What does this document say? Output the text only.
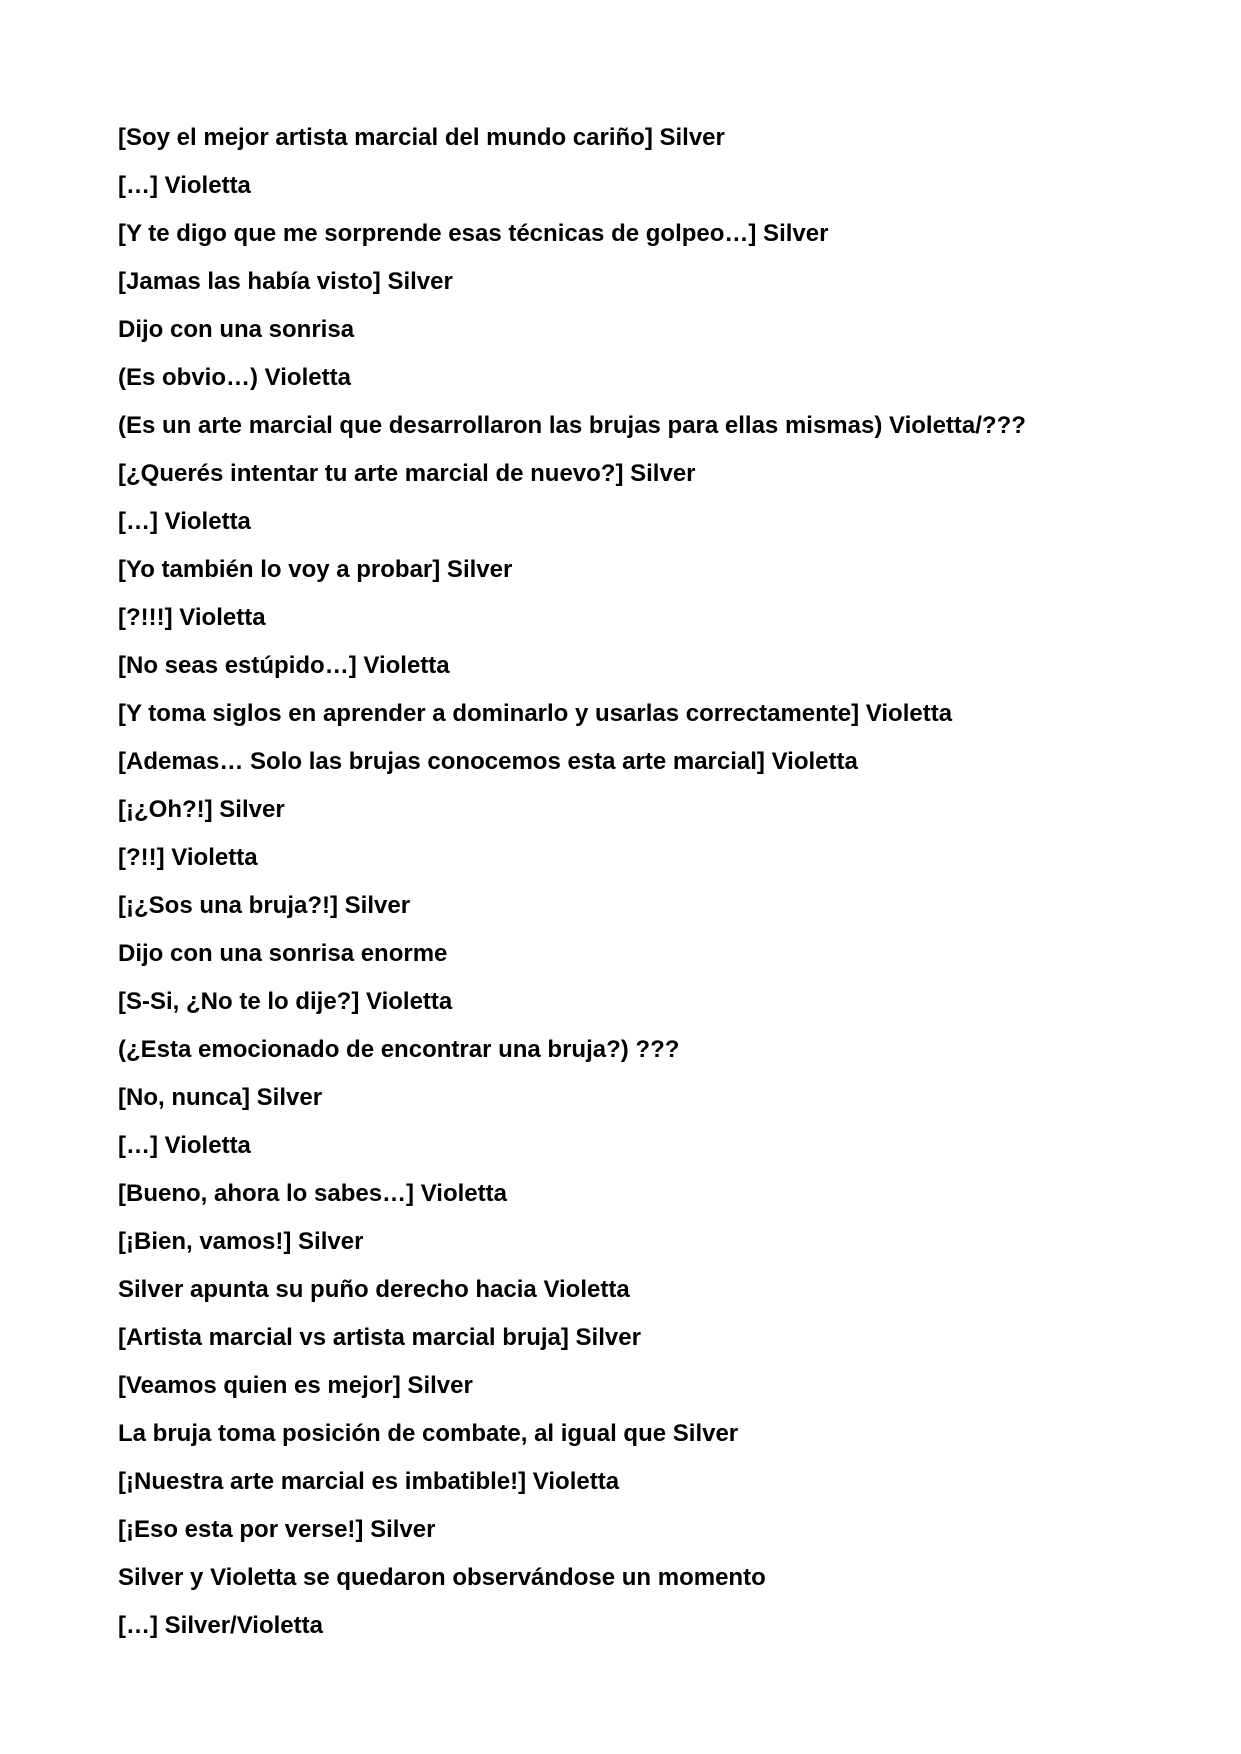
[Soy el mejor artista marcial del mundo cariño] Silver

[…] Violetta

[Y te digo que me sorprende esas técnicas de golpeo…] Silver

[Jamas las había visto] Silver

Dijo con una sonrisa

(Es obvio…) Violetta

(Es un arte marcial que desarrollaron las brujas para ellas mismas) Violetta/???

[¿Querés intentar tu arte marcial de nuevo?] Silver

[…] Violetta

[Yo también lo voy a probar] Silver

[?!!!] Violetta

[No seas estúpido…] Violetta

[Y toma siglos en aprender a dominarlo y usarlas correctamente] Violetta

[Ademas… Solo las brujas conocemos esta arte marcial] Violetta

[¡¿Oh?!] Silver

[?!!] Violetta

[¡¿Sos una bruja?!] Silver

Dijo con una sonrisa enorme

[S-Si, ¿No te lo dije?] Violetta

(¿Esta emocionado de encontrar una bruja?) ???

[No, nunca] Silver

[…] Violetta

[Bueno, ahora lo sabes…] Violetta

[¡Bien, vamos!] Silver

Silver apunta su puño derecho hacia Violetta

[Artista marcial vs artista marcial bruja] Silver

[Veamos quien es mejor] Silver

La bruja toma posición de combate, al igual que Silver

[¡Nuestra arte marcial es imbatible!] Violetta

[¡Eso esta por verse!] Silver

Silver y Violetta se quedaron observándose un momento

[…] Silver/Violetta
